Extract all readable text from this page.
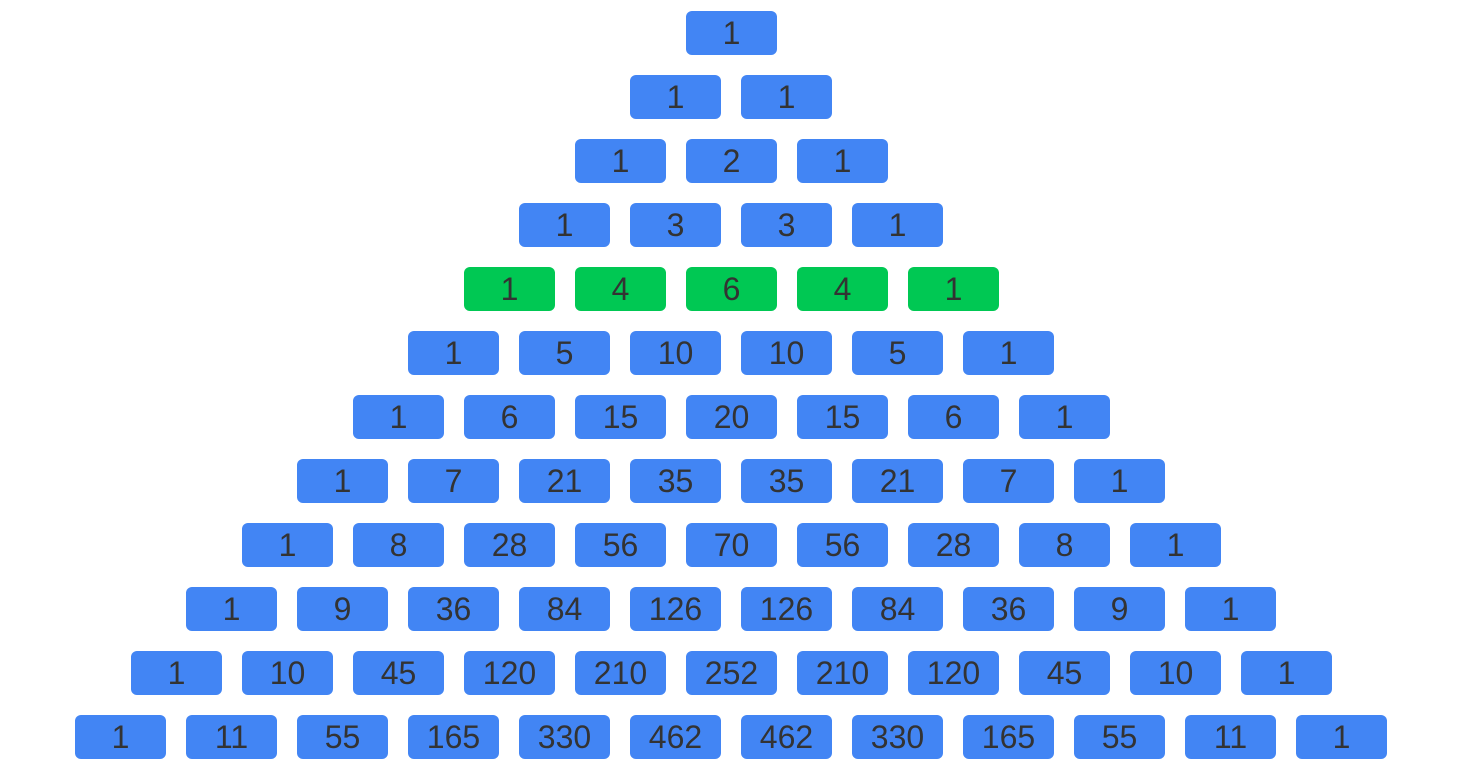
1
1	1
1	2	1
1	3	3	1
1	4	6	4	1
1	5	10	10	5	1
1	6	15	20	15	6	1
1	7	21	35	35	21	7	1
1	8	28	56	70	56	28	8	1
1	9	36	84	126	126	84	36	9	1
1	10	45	120	210	252	210	120	45	10	1
1	11	55	165	330	462	462	330	165	55	11	1
